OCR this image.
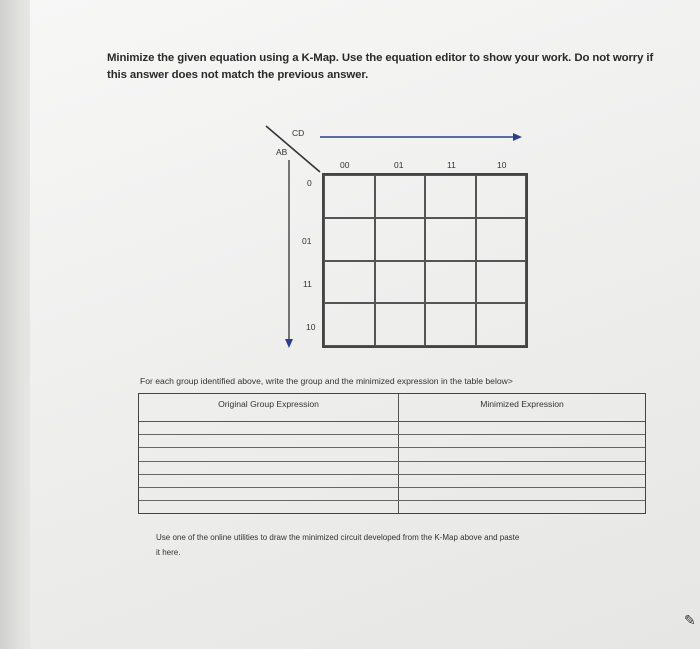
Minimize the given equation using a K-Map. Use the equation editor to show your work. Do not worry if
this answer does not match the previous answer.
CD
AB
00	01	11	10
0
01
11
10
For each group identified above, write the group and the minimized expression in the table below>
Original Group Expression	Minimized Expression
Use one of the online utilities to draw the minimized circuit developed from the K-Map above and paste
it here.
✎
